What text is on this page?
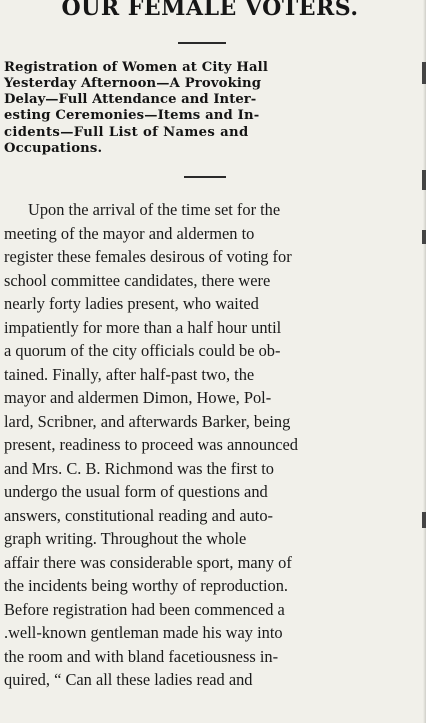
OUR FEMALE VOTERS.
Registration of Women at City Hall
Yesterday Afternoon—A Provoking
Delay—Full Attendance and Inter-
esting Ceremonies—Items and In-
cidents—Full List of Names and
Occupations.
Upon the arrival of the time set for the
meeting of the mayor and aldermen to
register these females desirous of voting for
school committee candidates, there were
nearly forty ladies present, who waited
impatiently for more than a half hour until
a quorum of the city officials could be ob-
tained. Finally, after half-past two, the
mayor and aldermen Dimon, Howe, Pol-
lard, Scribner, and afterwards Barker, being
present, readiness to proceed was announced
and Mrs. C. B. Richmond was the first to
undergo the usual form of questions and
answers, constitutional reading and auto-
graph writing. Throughout the whole
affair there was considerable sport, many of
the incidents being worthy of reproduction.
Before registration had been commenced a
.well-known gentleman made his way into
the room and with bland facetiousness in-
quired, “ Can all these ladies read and
